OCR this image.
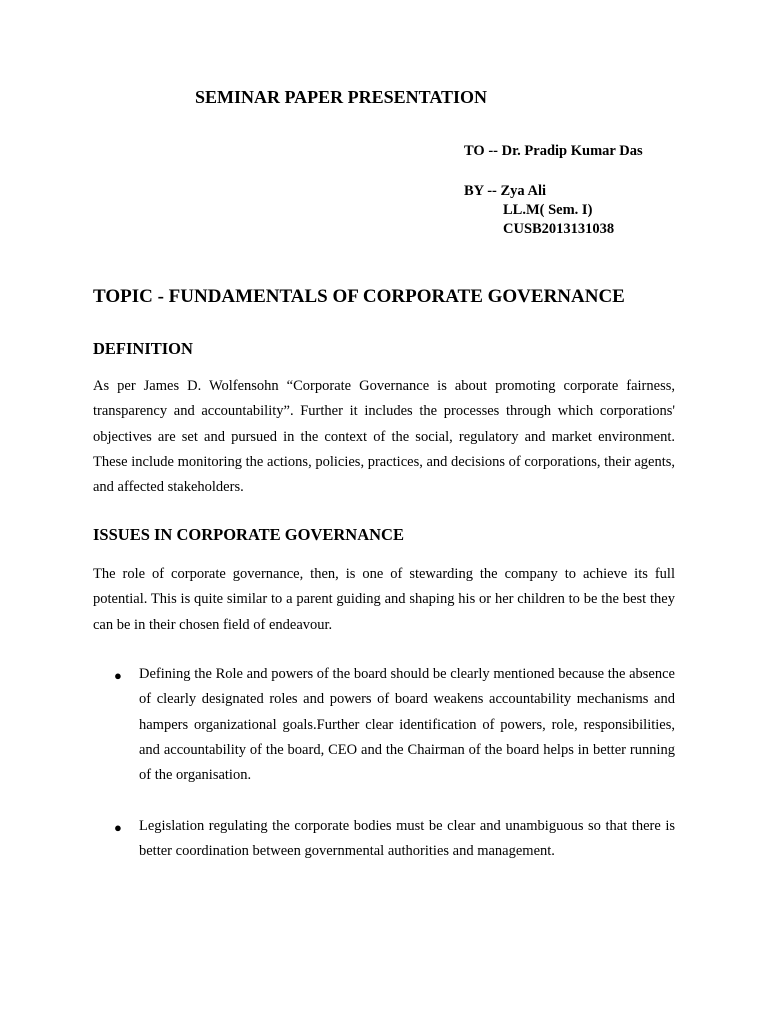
SEMINAR PAPER PRESENTATION
TO -- Dr. Pradip Kumar Das
BY -- Zya Ali
LL.M( Sem. I)
CUSB2013131038
TOPIC - FUNDAMENTALS OF CORPORATE GOVERNANCE
DEFINITION

As per James D. Wolfensohn “Corporate Governance is about promoting corporate fairness, transparency and accountability”. Further it includes the processes through which corporations' objectives are set and pursued in the context of the social, regulatory and market environment. These include monitoring the actions, policies, practices, and decisions of corporations, their agents, and affected stakeholders.

ISSUES IN CORPORATE GOVERNANCE

The role of corporate governance, then, is one of stewarding the company to achieve its full potential. This is quite similar to a parent guiding and shaping his or her children to be the best they can be in their chosen field of endeavour.

● Defining the Role and powers of the board should be clearly mentioned because the absence of clearly designated roles and powers of board weakens accountability mechanisms and hampers organizational goals.Further clear identification of powers, role, responsibilities, and accountability of the board, CEO and the Chairman of the board helps in better running of the organisation.

● Legislation regulating the corporate bodies must be clear and unambiguous so that there is better coordination between governmental authorities and management.
